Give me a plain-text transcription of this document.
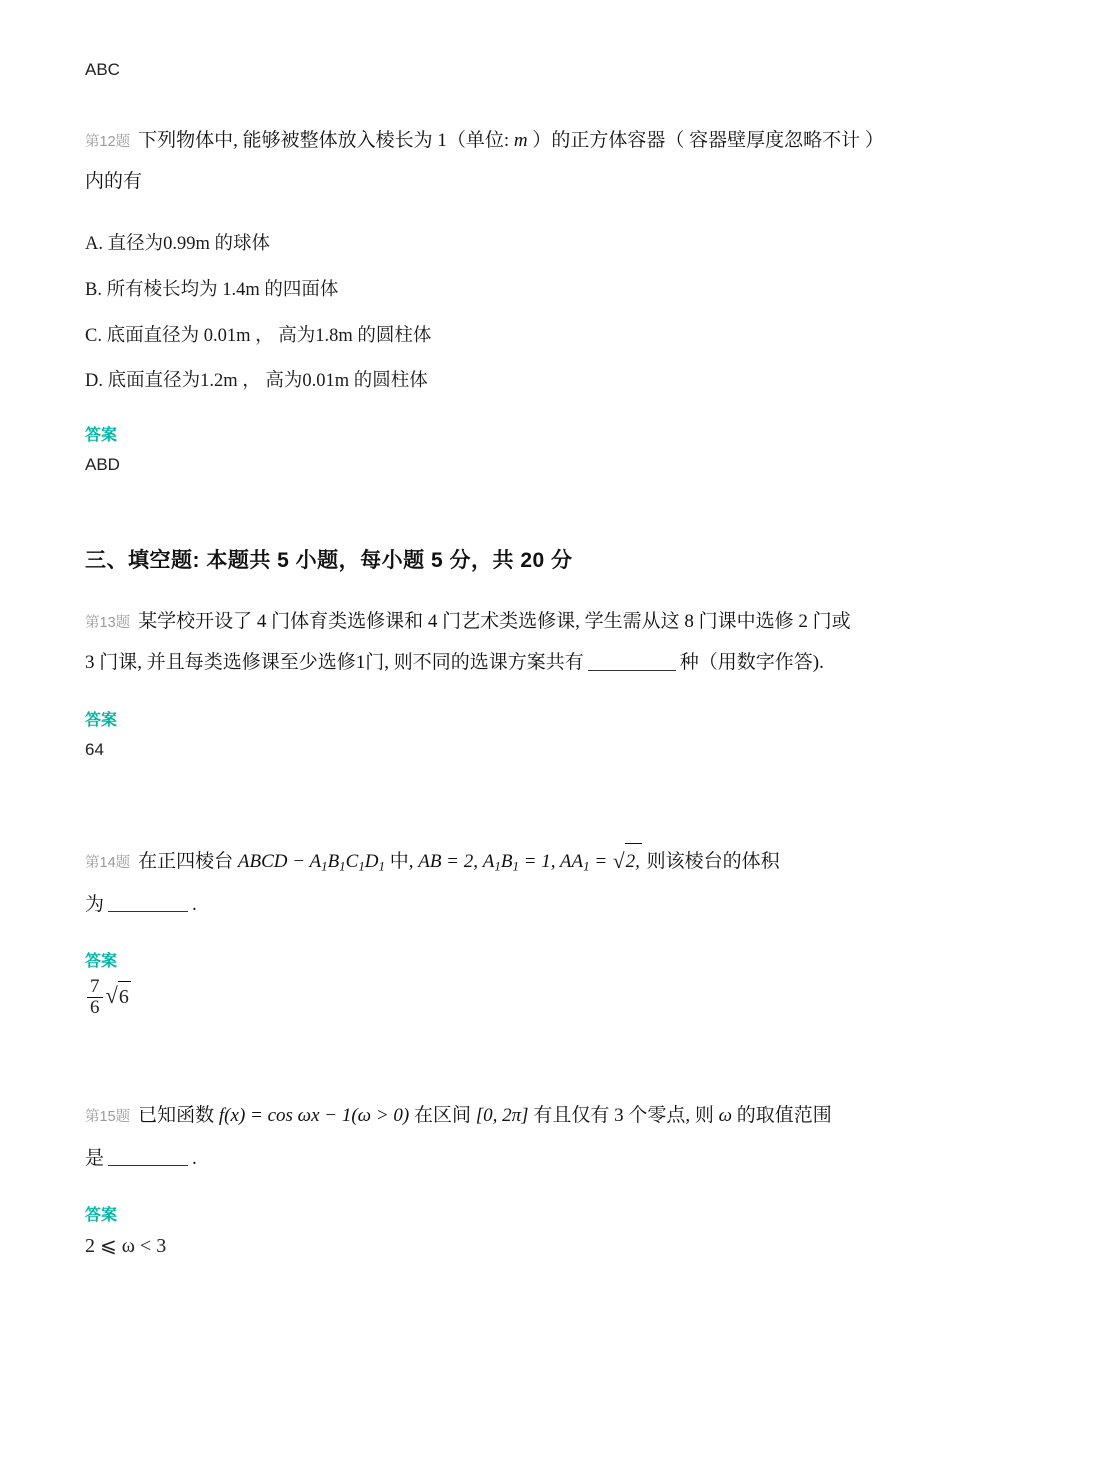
ABC
第12题 下列物体中, 能够被整体放入棱长为 1（单位: m ）的正方体容器（ 容器壁厚度忽略不计 ）
内的有
A. 直径为0.99m 的球体
B. 所有棱长均为 1.4m 的四面体
C. 底面直径为 0.01m ， 高为1.8m 的圆柱体
D. 底面直径为1.2m ， 高为0.01m 的圆柱体
答案
ABD
三、填空题: 本题共 5 小题，每小题 5 分，共 20 分
第13题 某学校开设了 4 门体育类选修课和 4 门艺术类选修课, 学生需从这 8 门课中选修 2 门或
3 门课, 并且每类选修课至少选修1门, 则不同的选课方案共有	种（用数字作答).
答案
64
第14题 在正四棱台 ABCD − $A_1B_1C_1D_1$ 中, AB = 2, $A_1B_1 = 1$, $AA_1$ = √ 2, 则该棱台的体积
为	.
答案
$\frac{7}{6}$ √ 6
第15题 已知函数 f(x) = cos ωx − 1(ω > 0) 在区间 [0, 2π] 有且仅有 3 个零点, 则 ω 的取值范围
是	.
答案
2 ⩽ ω < 3
